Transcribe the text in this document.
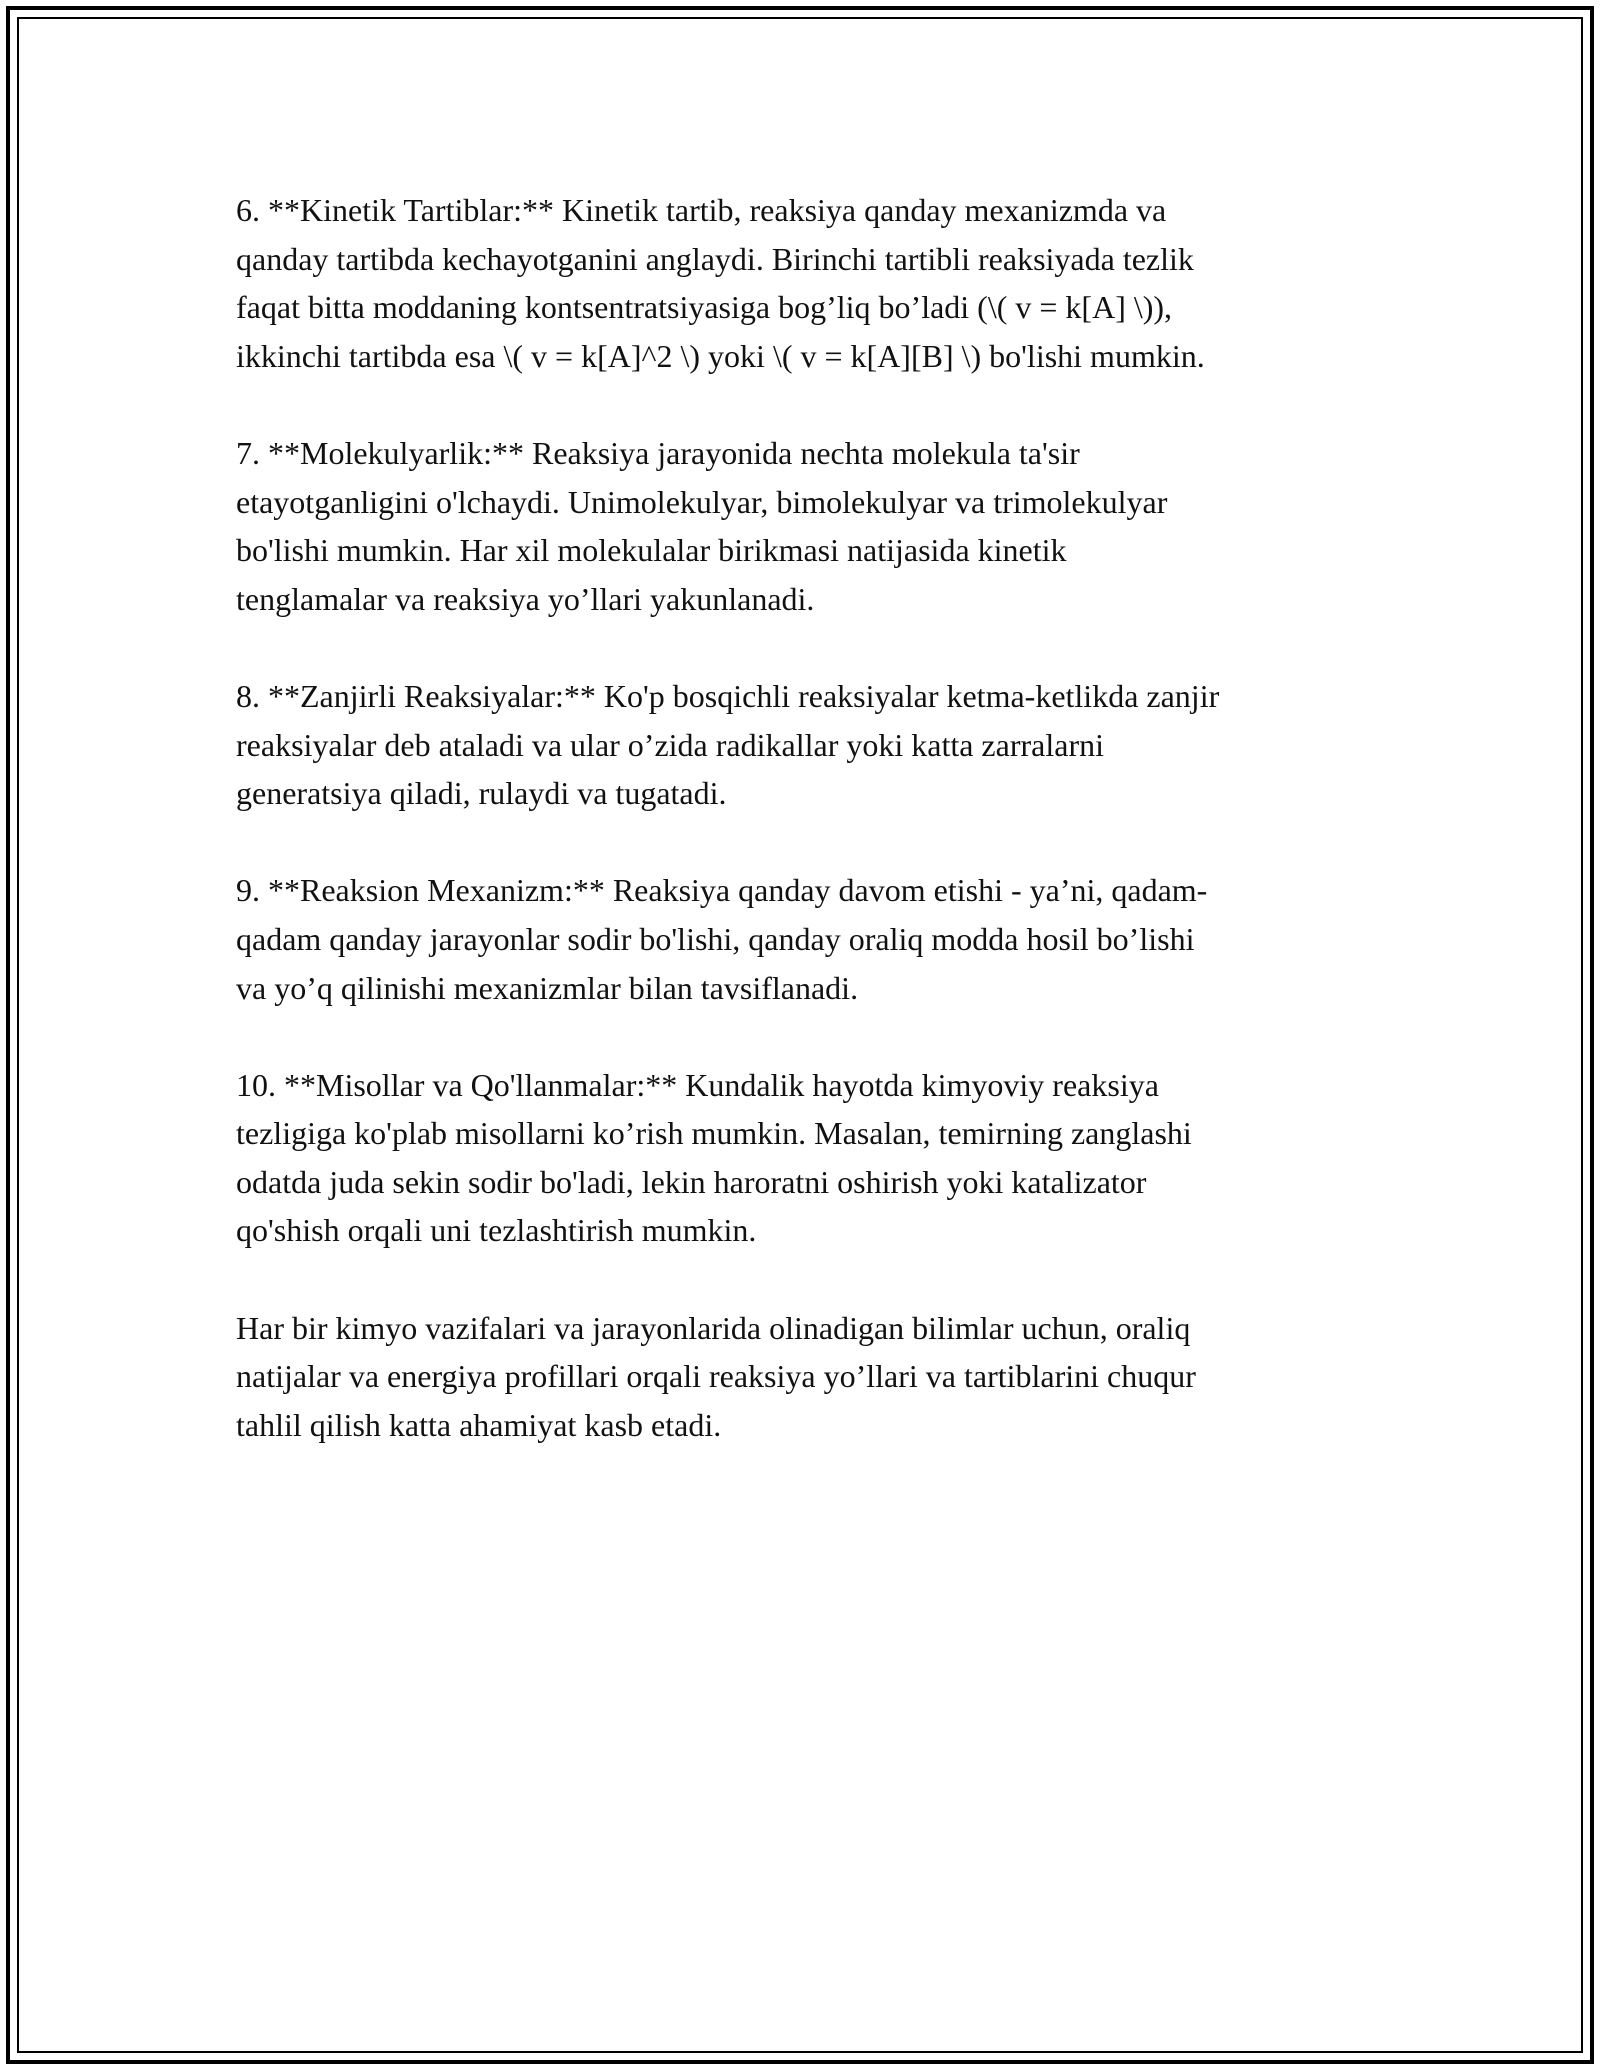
6. **Kinetik Tartiblar:** Kinetik tartib, reaksiya qanday mexanizmda va
qanday tartibda kechayotganini anglaydi. Birinchi tartibli reaksiyada tezlik
faqat bitta moddaning kontsentratsiyasiga bog’liq bo’ladi (\( v = k[A] \)),
ikkinchi tartibda esa \( v = k[A]^2 \) yoki \( v = k[A][B] \) bo'lishi mumkin.

7. **Molekulyarlik:** Reaksiya jarayonida nechta molekula ta'sir
etayotganligini o'lchaydi. Unimolekulyar, bimolekulyar va trimolekulyar
bo'lishi mumkin. Har xil molekulalar birikmasi natijasida kinetik
tenglamalar va reaksiya yo’llari yakunlanadi.

8. **Zanjirli Reaksiyalar:** Ko'p bosqichli reaksiyalar ketma-ketlikda zanjir
reaksiyalar deb ataladi va ular o’zida radikallar yoki katta zarralarni
generatsiya qiladi, rulaydi va tugatadi.

9. **Reaksion Mexanizm:** Reaksiya qanday davom etishi - ya’ni, qadam-
qadam qanday jarayonlar sodir bo'lishi, qanday oraliq modda hosil bo’lishi
va yo’q qilinishi mexanizmlar bilan tavsiflanadi.

10. **Misollar va Qo'llanmalar:** Kundalik hayotda kimyoviy reaksiya
tezligiga ko'plab misollarni ko’rish mumkin. Masalan, temirning zanglashi
odatda juda sekin sodir bo'ladi, lekin haroratni oshirish yoki katalizator
qo'shish orqali uni tezlashtirish mumkin.

Har bir kimyo vazifalari va jarayonlarida olinadigan bilimlar uchun, oraliq
natijalar va energiya profillari orqali reaksiya yo’llari va tartiblarini chuqur
tahlil qilish katta ahamiyat kasb etadi.
